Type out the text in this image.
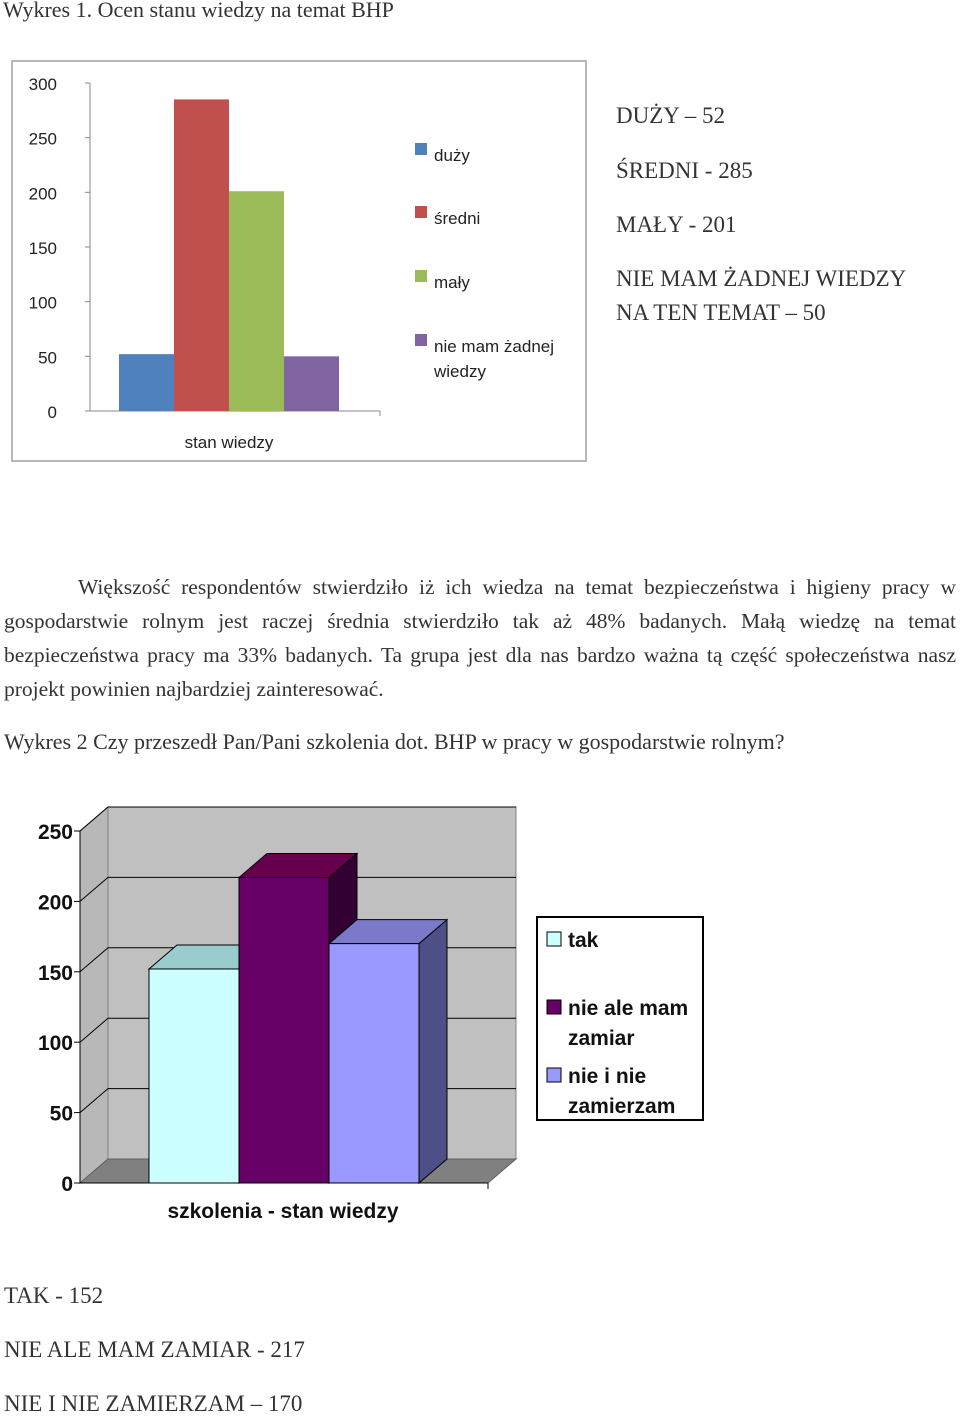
Wykres 1. Ocen stanu wiedzy na temat BHP
0
50
100
150
200
250
300
stan wiedzy
duży
średni
mały
nie mam żadnej
wiedzy
DUŻY – 52
ŚREDNI - 285
MAŁY - 201
NIE MAM ŻADNEJ WIEDZY
NA TEN TEMAT – 50

Większość respondentów stwierdziło iż ich wiedza na temat bezpieczeństwa i higieny pracy w gospodarstwie rolnym jest raczej średnia stwierdziło tak aż 48% badanych. Małą wiedzę na temat bezpieczeństwa pracy ma 33% badanych. Ta grupa jest dla nas bardzo ważna tą część społeczeństwa nasz projekt powinien najbardziej zainteresować.

Wykres 2 Czy przeszedł Pan/Pani szkolenia dot. BHP w pracy w gospodarstwie rolnym?
0
50
100
150
200
250
szkolenia - stan wiedzy
tak
nie ale mam
zamiar
nie i nie
zamierzam
TAK - 152
NIE ALE MAM ZAMIAR - 217
NIE I NIE ZAMIERZAM – 170
